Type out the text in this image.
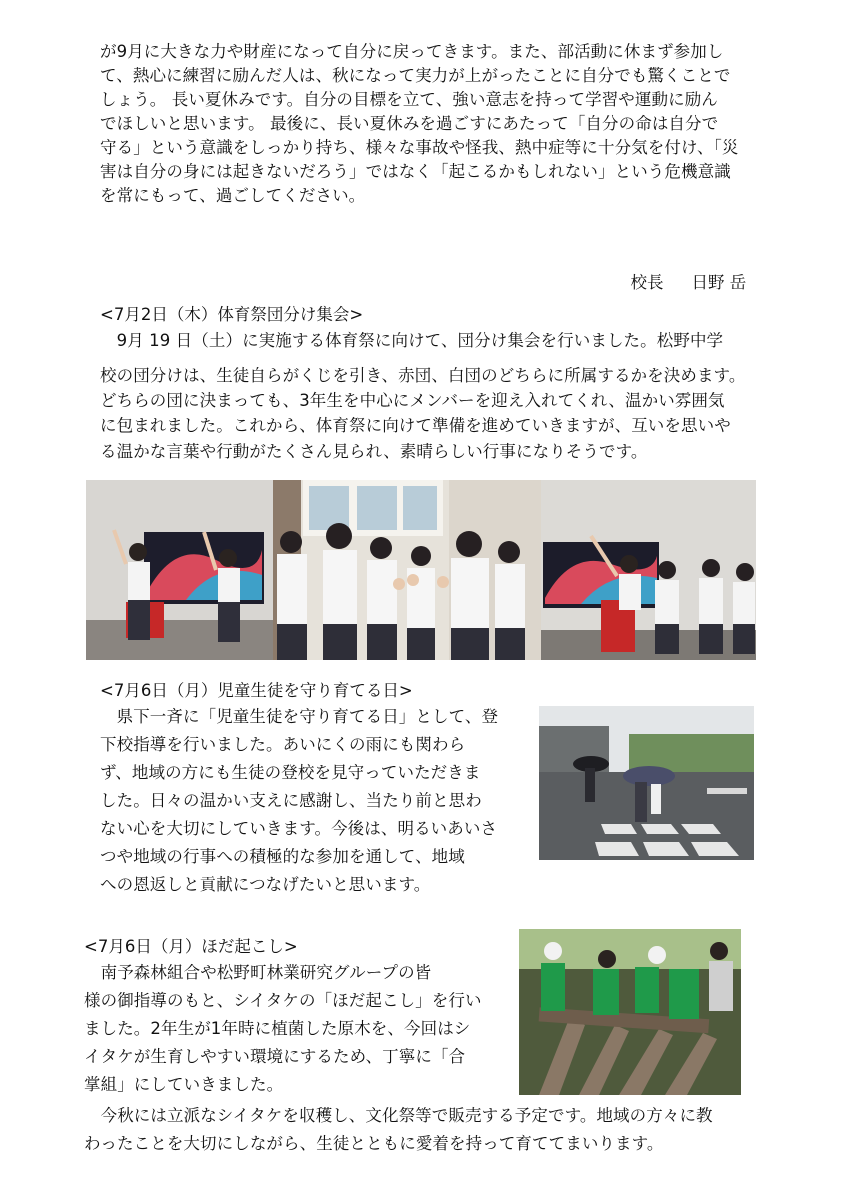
が9月に大きな力や財産になって自分に戻ってきます。また、部活動に休まず参加し

て、熱心に練習に励んだ人は、秋になって実力が上がったことに自分でも驚くことで

しょう。 長い夏休みです。自分の目標を立て、強い意志を持って学習や運動に励ん

でほしいと思います。 最後に、長い夏休みを過ごすにあたって「自分の命は自分で

守る」という意識をしっかり持ち、様々な事故や怪我、熱中症等に十分気を付け、「災

害は自分の身には起きないだろう」ではなく「起こるかもしれない」という危機意識

を常にもって、過ごしてください。

校長 日野 岳

<7月2日（木）体育祭団分け集会>

　9月 19 日（土）に実施する体育祭に向けて、団分け集会を行いました。松野中学

校の団分けは、生徒自らがくじを引き、赤団、白団のどちらに所属するかを決めます。

どちらの団に決まっても、3年生を中心にメンバーを迎え入れてくれ、温かい雰囲気

に包まれました。これから、体育祭に向けて準備を進めていきますが、互いを思いや

る温かな言葉や行動がたくさん見られ、素晴らしい行事になりそうです。

<7月6日（月）児童生徒を守り育てる日>

　県下一斉に「児童生徒を守り育てる日」として、登

下校指導を行いました。あいにくの雨にも関わら

ず、地域の方にも生徒の登校を見守っていただきま

した。日々の温かい支えに感謝し、当たり前と思わ

ない心を大切にしていきます。今後は、明るいあいさ

つや地域の行事への積極的な参加を通して、地域

への恩返しと貢献につなげたいと思います。

<7月6日（月）ほだ起こし>

　南予森林組合や松野町林業研究グループの皆

様の御指導のもと、シイタケの「ほだ起こし」を行い

ました。2年生が1年時に植菌した原木を、今回はシ

イタケが生育しやすい環境にするため、丁寧に「合

掌組」にしていきました。

　今秋には立派なシイタケを収穫し、文化祭等で販売する予定です。地域の方々に教

わったことを大切にしながら、生徒とともに愛着を持って育ててまいります。
